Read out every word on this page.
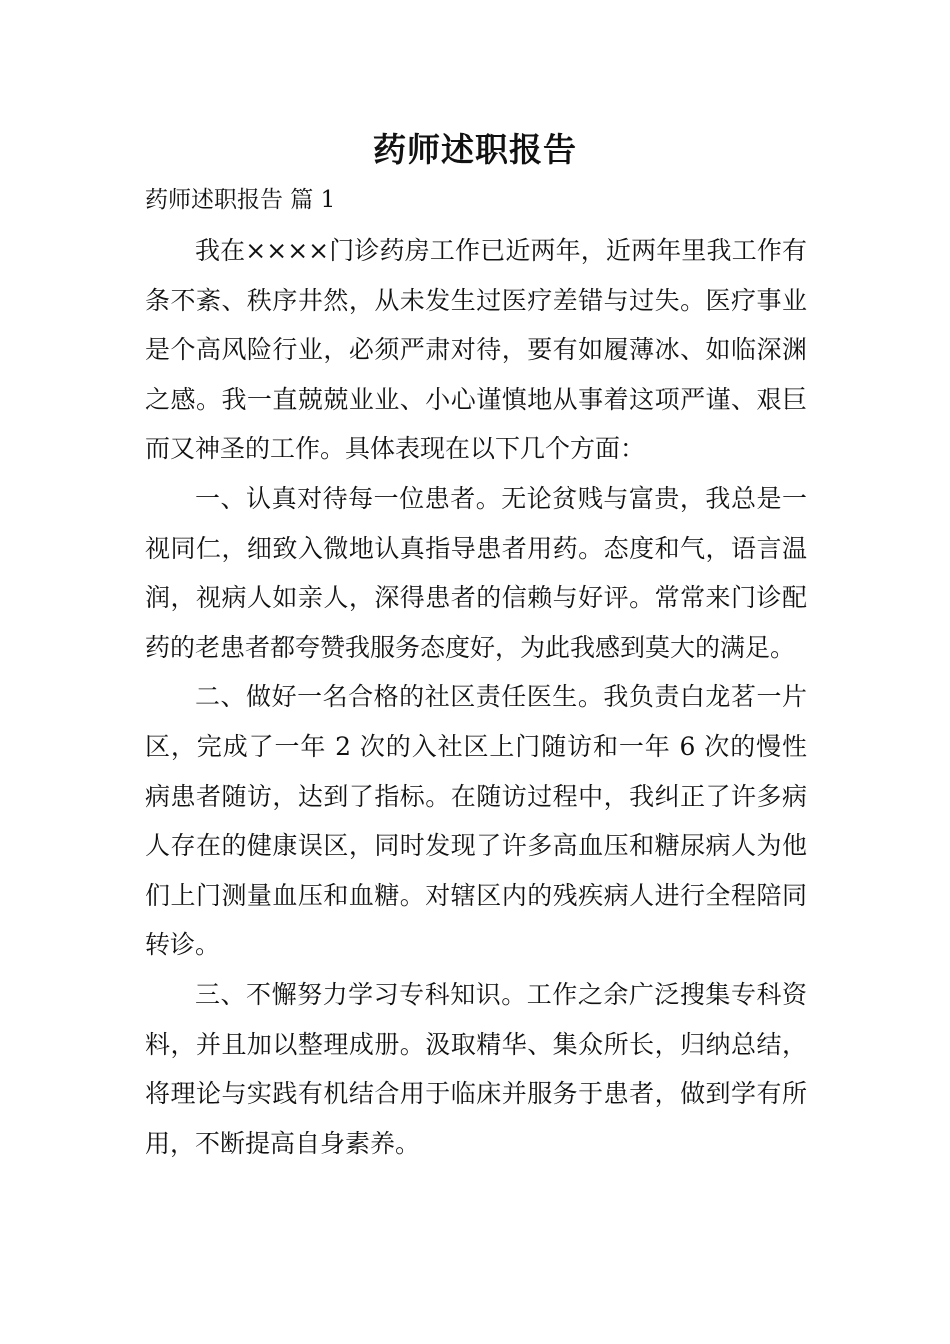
药师述职报告

药师述职报告 篇 1

我在××××门诊药房工作已近两年，近两年里我工作有条不紊、秩序井然，从未发生过医疗差错与过失。医疗事业是个高风险行业，必须严肃对待，要有如履薄冰、如临深渊之感。我一直兢兢业业、小心谨慎地从事着这项严谨、艰巨而又神圣的工作。具体表现在以下几个方面：

一、认真对待每一位患者。无论贫贱与富贵，我总是一视同仁，细致入微地认真指导患者用药。态度和气，语言温润，视病人如亲人，深得患者的信赖与好评。常常来门诊配药的老患者都夸赞我服务态度好，为此我感到莫大的满足。

二、做好一名合格的社区责任医生。我负责白龙茗一片区，完成了一年 2 次的入社区上门随访和一年 6 次的慢性病患者随访，达到了指标。在随访过程中，我纠正了许多病人存在的健康误区，同时发现了许多高血压和糖尿病人为他们上门测量血压和血糖。对辖区内的残疾病人进行全程陪同转诊。

三、不懈努力学习专科知识。工作之余广泛搜集专科资料，并且加以整理成册。汲取精华、集众所长，归纳总结，将理论与实践有机结合用于临床并服务于患者，做到学有所用，不断提高自身素养。
